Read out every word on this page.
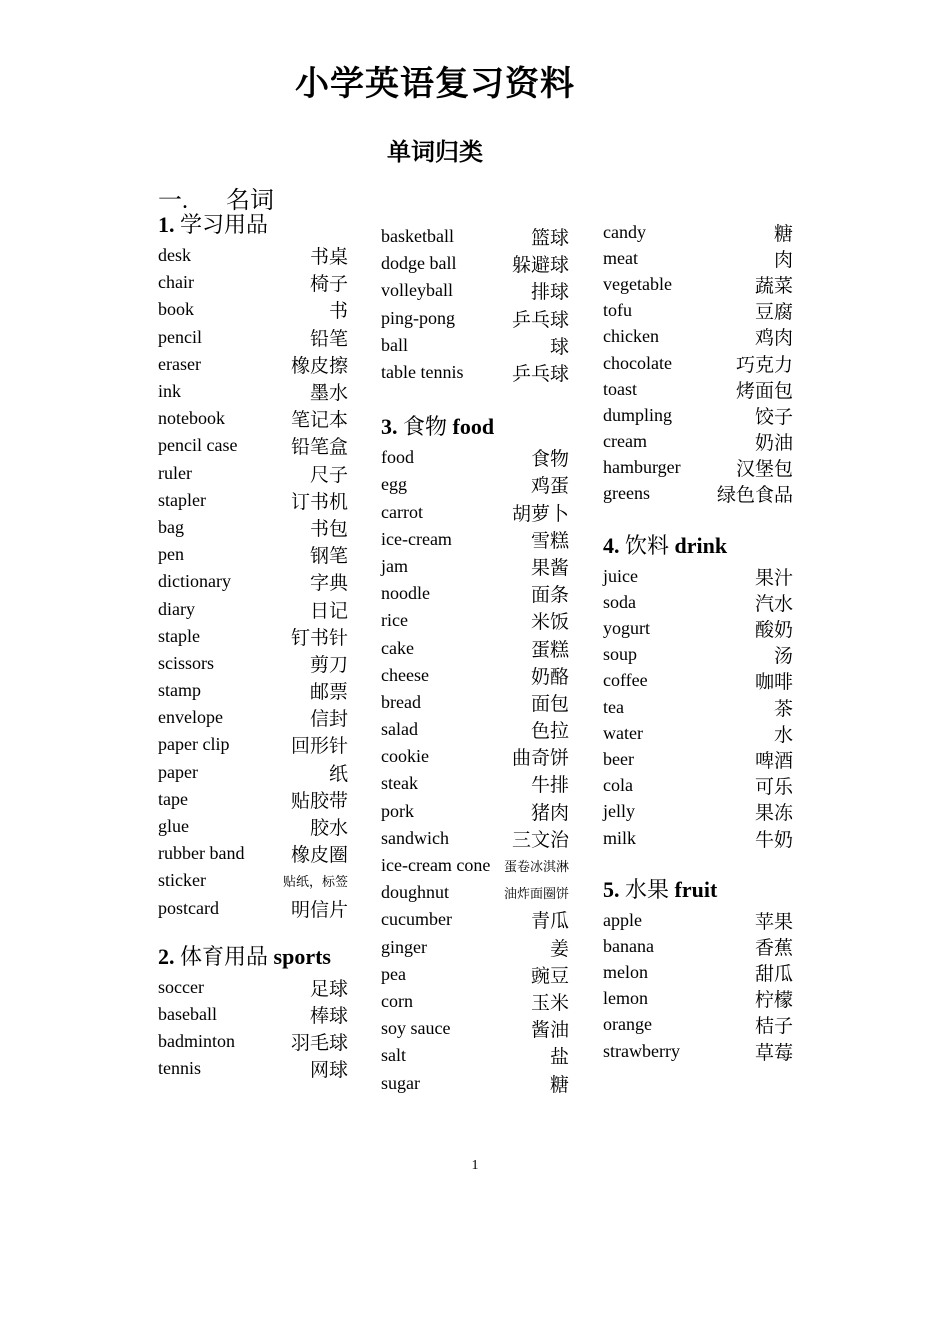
小学英语复习资料
单词归类
一. 名词
1. 学习用品
desk	书桌
chair	椅子
book	书
pencil	铅笔
eraser	橡皮擦
ink	墨水
notebook	笔记本
pencil case	铅笔盒
ruler	尺子
stapler	订书机
bag	书包
pen	钢笔
dictionary	字典
diary	日记
staple	钉书针
scissors	剪刀
stamp	邮票
envelope	信封
paper clip	回形针
paper	纸
tape	贴胶带
glue	胶水
rubber band 橡皮圈
sticker	贴纸，标签
postcard	明信片
2. 体育用品 sports
soccer	足球
baseball	棒球
badminton	羽毛球
tennis	网球
basketball	篮球
dodge ball	躲避球
volleyball	排球
ping-pong	乒乓球
ball	球
table tennis	乒乓球
3. 食物 food
food	食物
egg	鸡蛋
carrot	胡萝卜
ice-cream	雪糕
jam	果酱
noodle	面条
rice	米饭
cake	蛋糕
cheese	奶酪
bread	面包
salad	色拉
cookie	曲奇饼
steak	牛排
pork	猪肉
sandwich	三文治
ice-cream cone 蛋卷冰淇淋
doughnut	油炸面圈饼
cucumber	青瓜
ginger	姜
pea	豌豆
corn	玉米
soy sauce	酱油
salt	盐
sugar	糖
candy	糖
meat	肉
vegetable	蔬菜
tofu	豆腐
chicken	鸡肉
chocolate	巧克力
toast	烤面包
dumpling	饺子
cream	奶油
hamburger	汉堡包
greens	绿色食品
4. 饮料 drink
juice	果汁
soda	汽水
yogurt	酸奶
soup	汤
coffee	咖啡
tea	茶
water	水
beer	啤酒
cola	可乐
jelly	果冻
milk	牛奶
5. 水果 fruit
apple	苹果
banana	香蕉
melon	甜瓜
lemon	柠檬
orange	桔子
strawberry	草莓
1
